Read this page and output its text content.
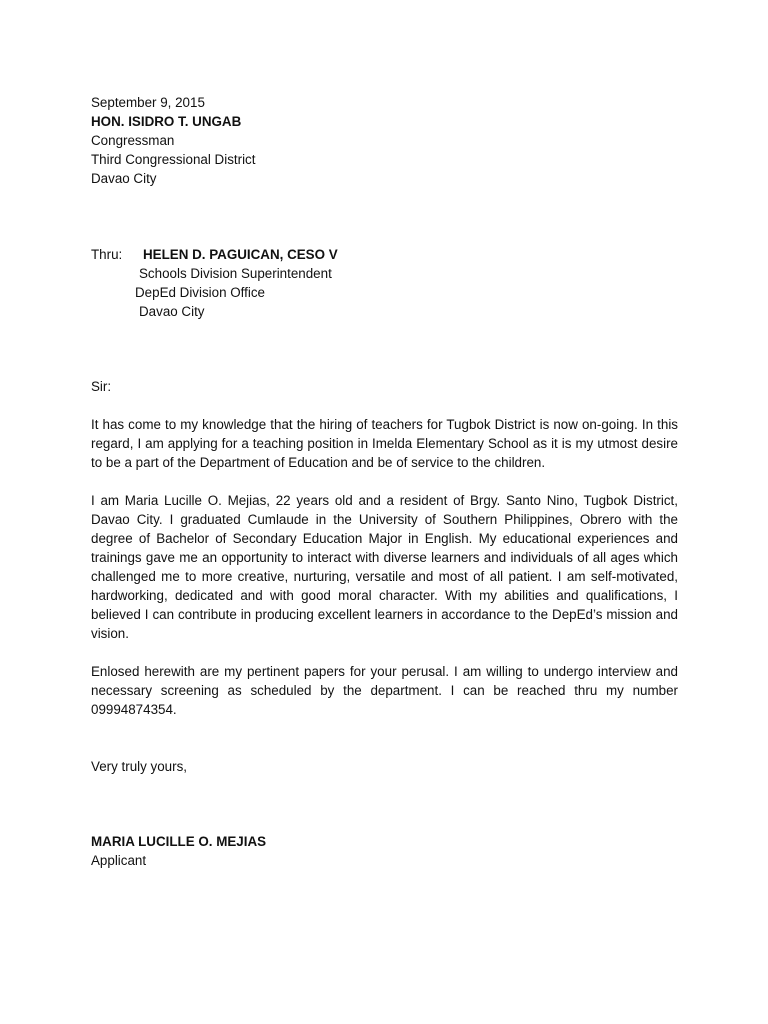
September 9, 2015
HON. ISIDRO T. UNGAB
Congressman
Third Congressional District
Davao City
Thru: HELEN D. PAGUICAN, CESO V
Schools Division Superintendent
DepEd Division Office
Davao City
Sir:

It has come to my knowledge that the hiring of teachers for Tugbok District is now on-going. In this regard, I am applying for a teaching position in Imelda Elementary School as it is my utmost desire to be a part of the Department of Education and be of service to the children.

I am Maria Lucille O. Mejias, 22 years old and a resident of Brgy. Santo Nino, Tugbok District, Davao City. I graduated Cumlaude in the University of Southern Philippines, Obrero with the degree of Bachelor of Secondary Education Major in English. My educational experiences and trainings gave me an opportunity to interact with diverse learners and individuals of all ages which challenged me to more creative, nurturing, versatile and most of all patient. I am self-motivated, hardworking, dedicated and with good moral character. With my abilities and qualifications, I believed I can contribute in producing excellent learners in accordance to the DepEd’s mission and vision.

Enlosed herewith are my pertinent papers for your perusal. I am willing to undergo interview and necessary screening as scheduled by the department. I can be reached thru my number 09994874354.

Very truly yours,
MARIA LUCILLE O. MEJIAS
Applicant
